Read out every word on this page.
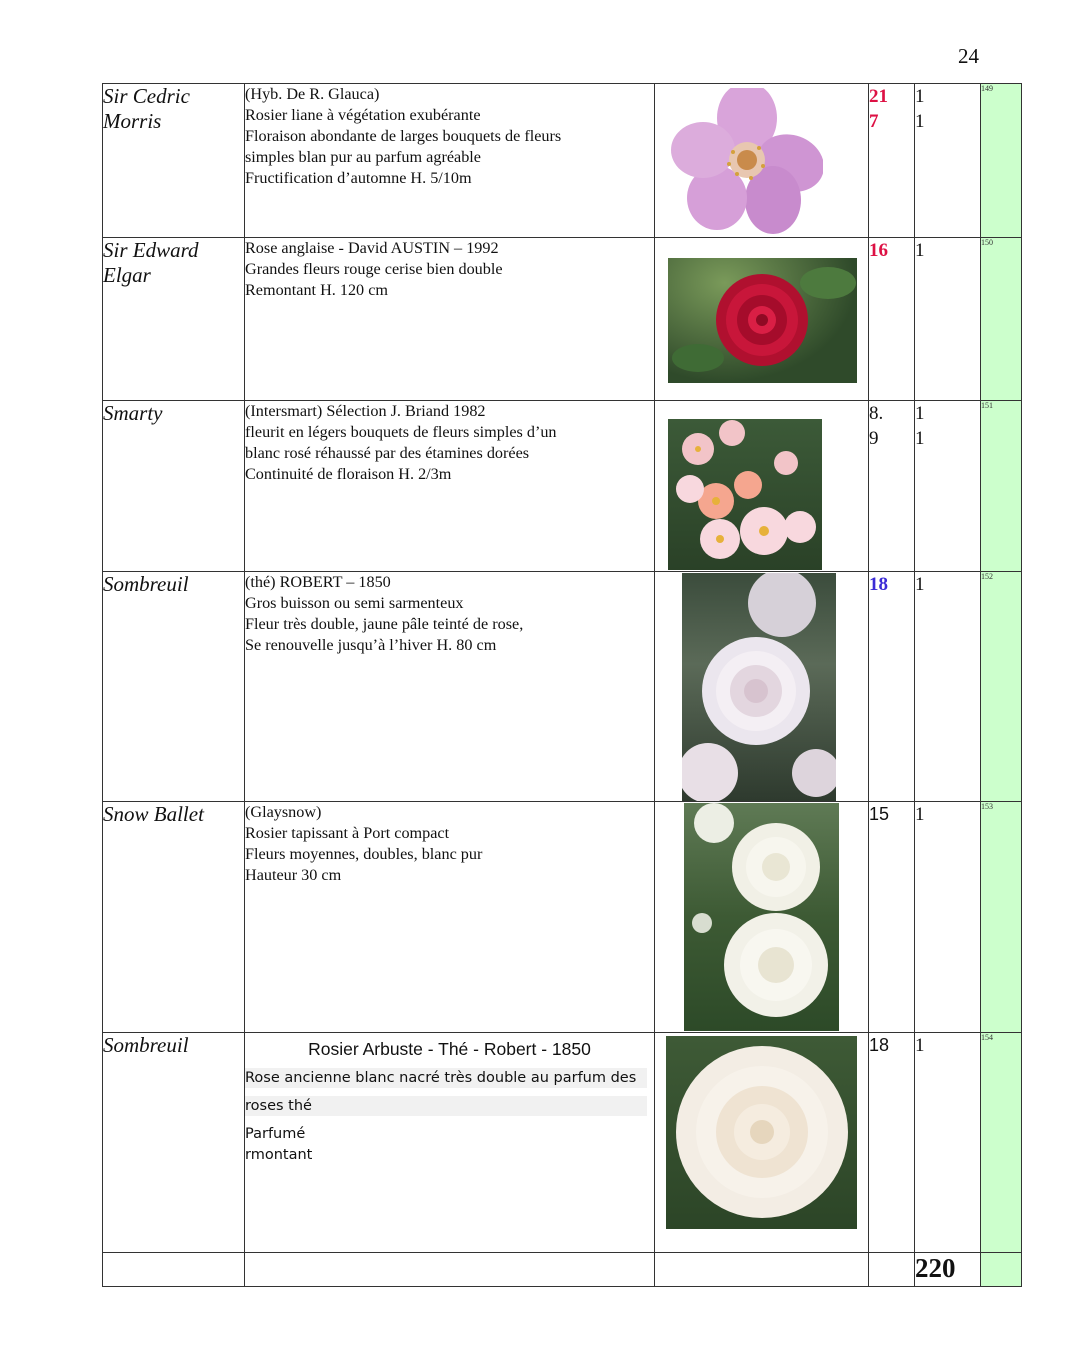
24
Sir Cedric
Morris	(Hyb. De R. Glauca)
Rosier liane à végétation exubérante
Floraison abondante de larges bouquets de fleurs
simples blan pur au parfum agréable
Fructification d’automne H. 5/10m		21
7	1
1	149

Sir Edward
Elgar	Rose anglaise - David AUSTIN – 1992
Grandes fleurs rouge cerise bien double
Remontant H. 120 cm		16	1	150

Smarty	(Intersmart) Sélection J. Briand 1982
fleurit en légers bouquets de fleurs simples d’un
blanc rosé réhaussé par des étamines dorées
Continuité de floraison H. 2/3m		8.
9	1
1	151

Sombreuil	(thé) ROBERT – 1850
Gros buisson ou semi sarmenteux
Fleur très double, jaune pâle teinté de rose,
Se renouvelle jusqu’à l’hiver H. 80 cm		18	1	152

Snow Ballet	(Glaysnow)
Rosier tapissant à Port compact
Fleurs moyennes, doubles, blanc pur
Hauteur 30 cm		15	1	153

Sombreuil	Rosier Arbuste - Thé - Robert - 1850
Rose ancienne blanc nacré très double au parfum des
roses thé
Parfumé
rmontant		18	1	154
				220	
